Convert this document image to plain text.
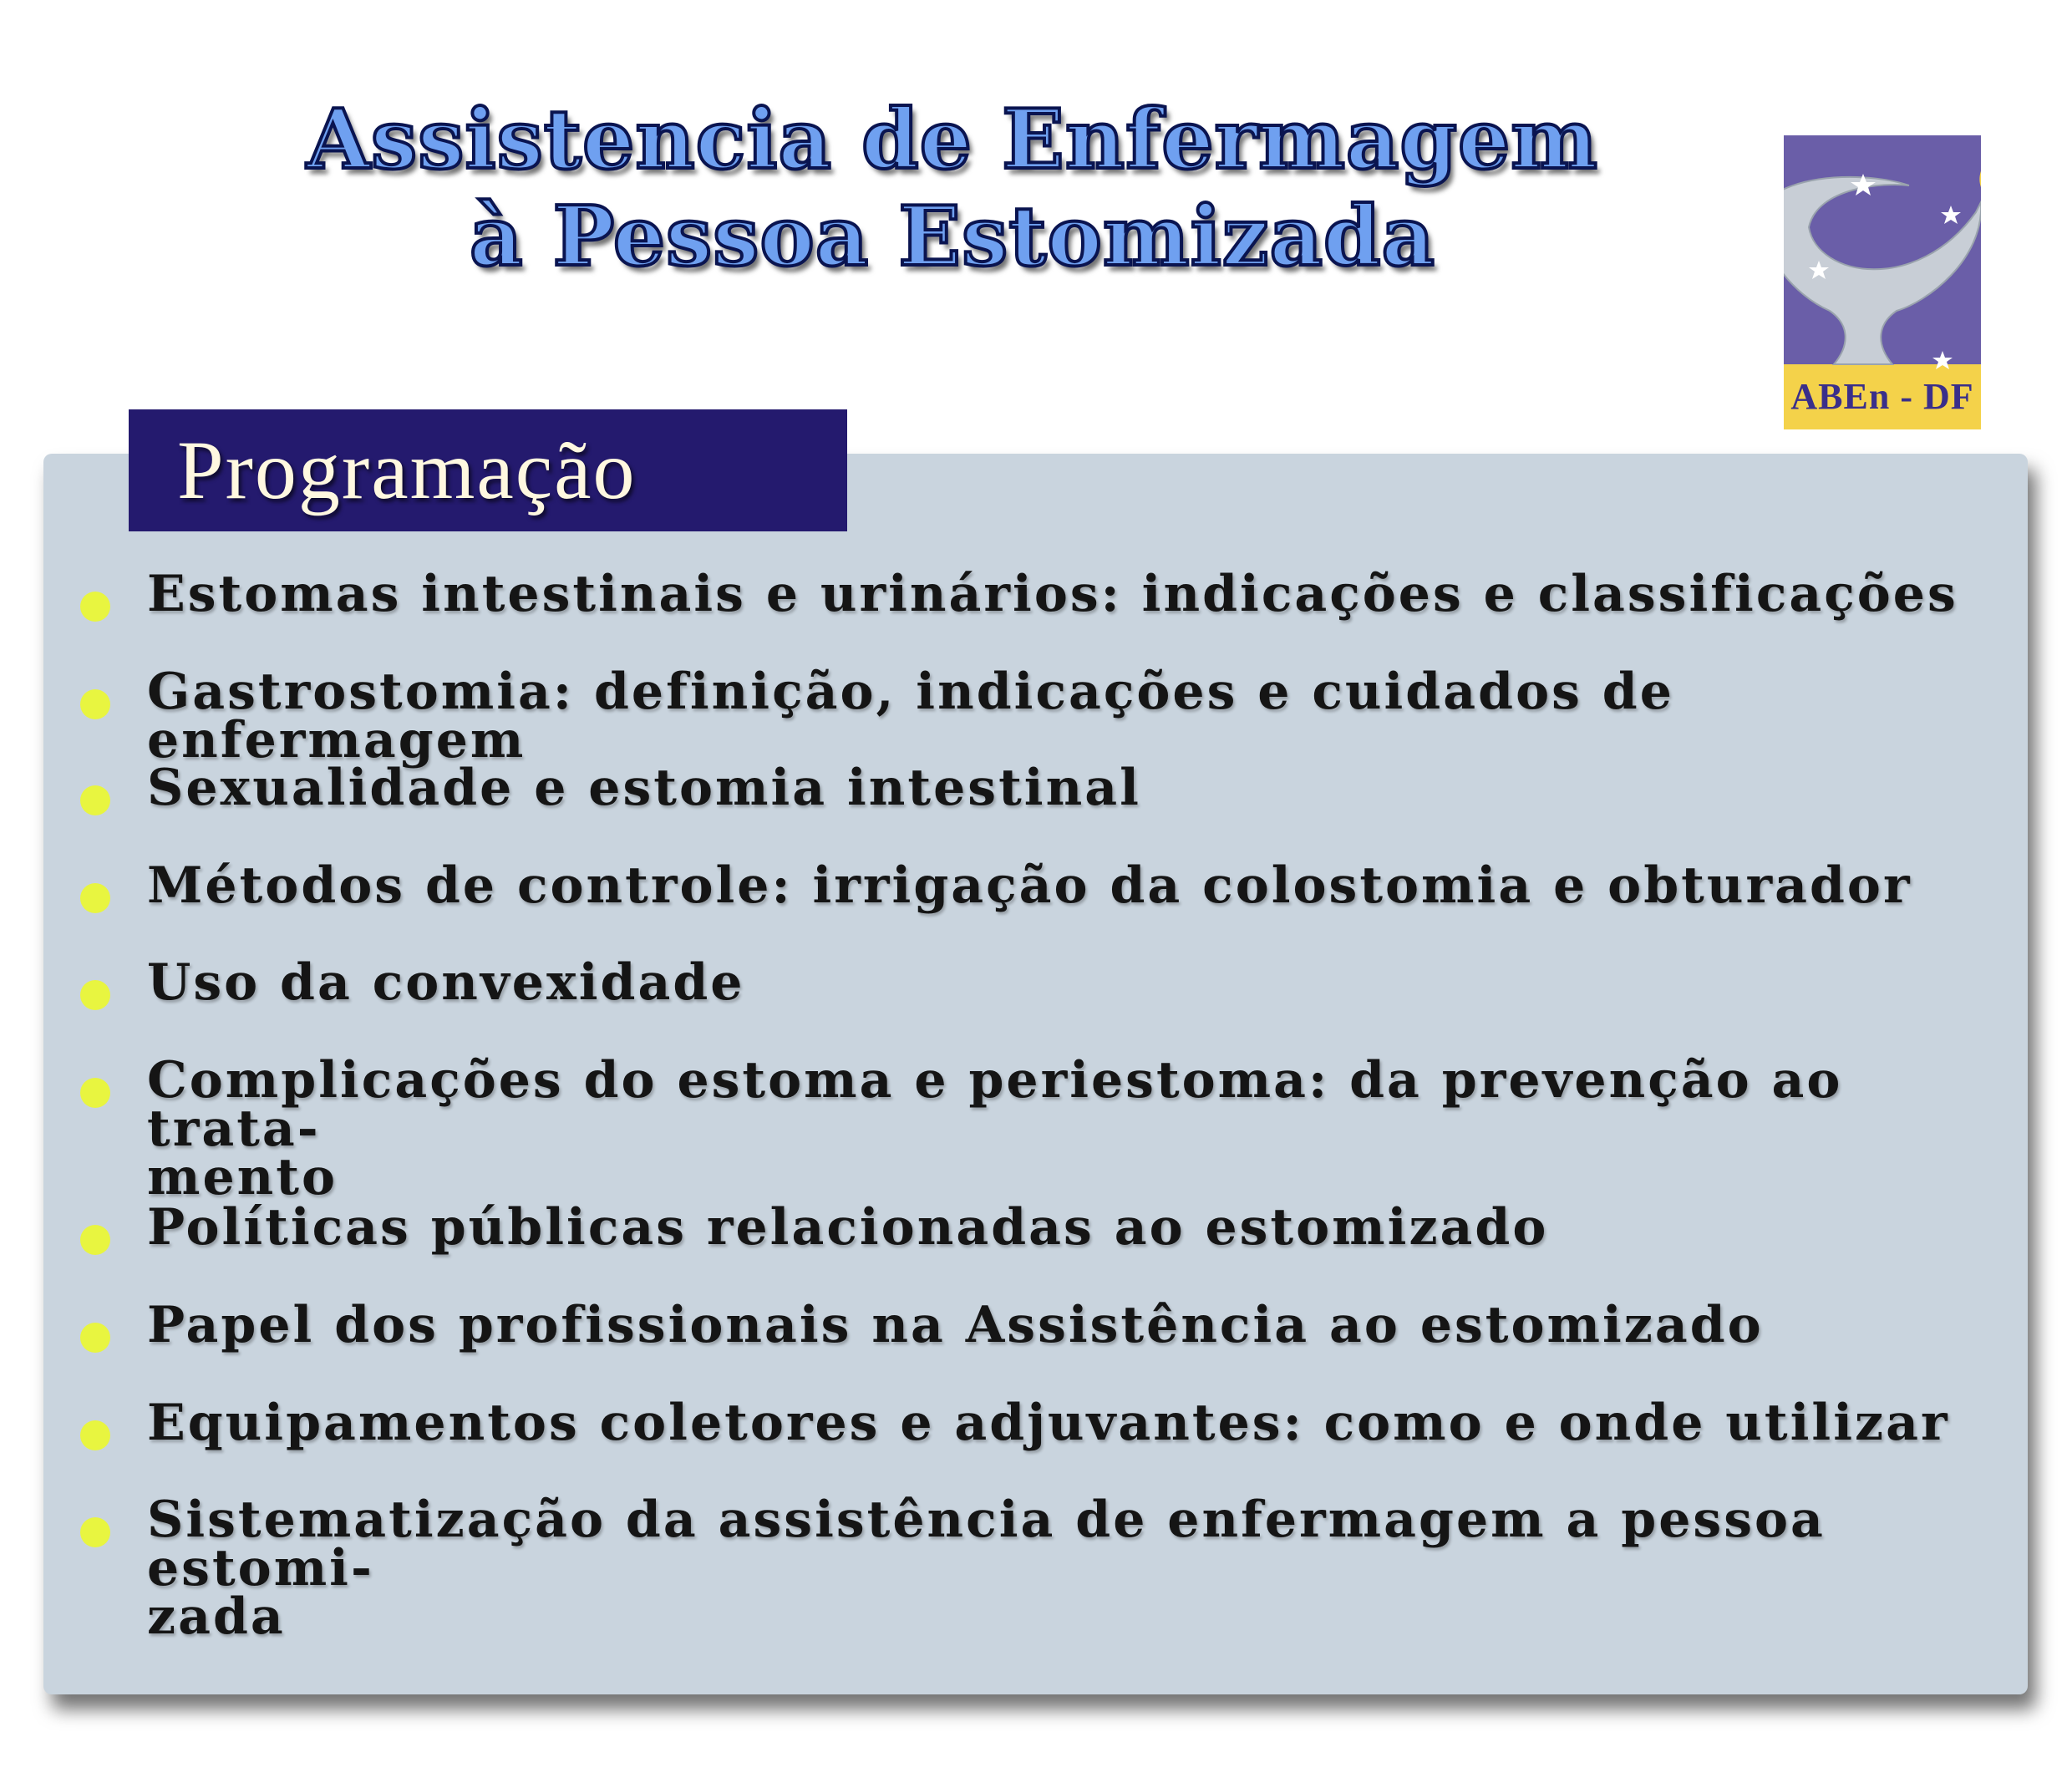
Assistencia de Enfermagem
à Pessoa Estomizada
ABEn - DF
Programação
Estomas intestinais e urinários: indicações e classificações
Gastrostomia: definição, indicações e cuidados de enfermagem
Sexualidade e estomia intestinal
Métodos de controle: irrigação da colostomia e obturador
Uso da convexidade
Complicações do estoma e periestoma: da prevenção ao trata-
mento
Políticas públicas relacionadas ao estomizado
Papel dos profissionais na Assistência ao estomizado
Equipamentos coletores e adjuvantes: como e onde utilizar
Sistematização da assistência de enfermagem a pessoa estomi-
zada
